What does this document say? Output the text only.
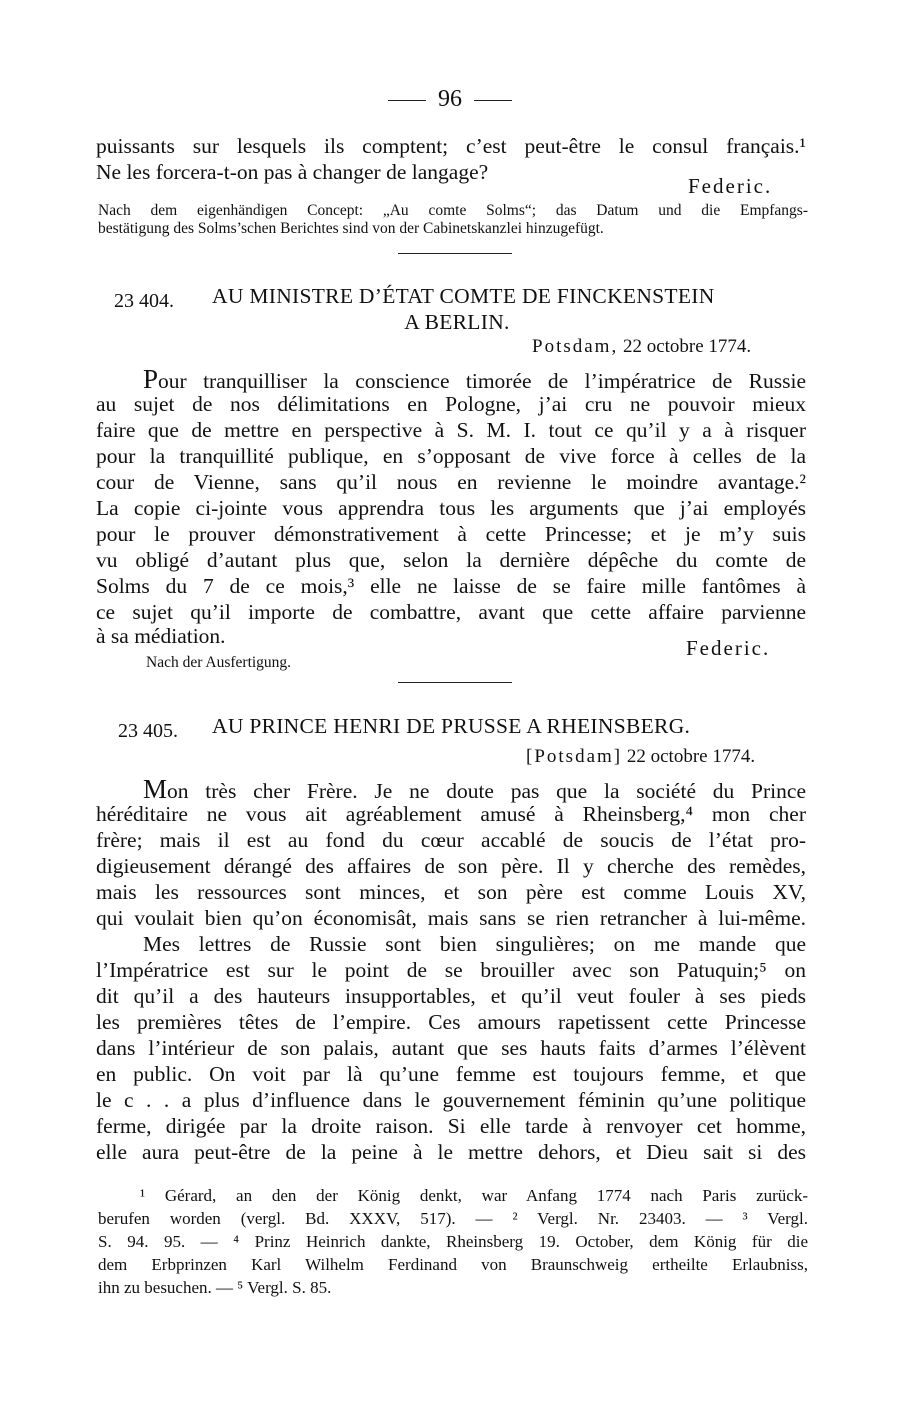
96
puissants sur lesquels ils comptent; c’est peut-être le consul français.¹
Ne les forcera-t-on pas à changer de langage?
Federic.
Nach dem eigenhändigen Concept: „Au comte Solms“; das Datum und die Empfangs-
bestätigung des Solms’schen Berichtes sind von der Cabinetskanzlei hinzugefügt.
23 404. AU MINISTRE D’ÉTAT COMTE DE FINCKENSTEIN
A BERLIN.
Potsdam, 22 octobre 1774.
Pour tranquilliser la conscience timorée de l’impératrice de Russie
au sujet de nos délimitations en Pologne, j’ai cru ne pouvoir mieux
faire que de mettre en perspective à S. M. I. tout ce qu’il y a à risquer
pour la tranquillité publique, en s’opposant de vive force à celles de la
cour de Vienne, sans qu’il nous en revienne le moindre avantage.²
La copie ci-jointe vous apprendra tous les arguments que j’ai employés
pour le prouver démonstrativement à cette Princesse; et je m’y suis
vu obligé d’autant plus que, selon la dernière dépêche du comte de
Solms du 7 de ce mois,³ elle ne laisse de se faire mille fantômes à
ce sujet qu’il importe de combattre, avant que cette affaire parvienne
à sa médiation.	Federic.
Nach der Ausfertigung.
23 405. AU PRINCE HENRI DE PRUSSE A RHEINSBERG.
[Potsdam] 22 octobre 1774.
Mon très cher Frère. Je ne doute pas que la société du Prince
héréditaire ne vous ait agréablement amusé à Rheinsberg,⁴ mon cher
frère; mais il est au fond du cœur accablé de soucis de l’état pro-
digieusement dérangé des affaires de son père. Il y cherche des remèdes,
mais les ressources sont minces, et son père est comme Louis XV,
qui voulait bien qu’on économisât, mais sans se rien retrancher à lui-même.
Mes lettres de Russie sont bien singulières; on me mande que
l’Impératrice est sur le point de se brouiller avec son Patuquin;⁵ on
dit qu’il a des hauteurs insupportables, et qu’il veut fouler à ses pieds
les premières têtes de l’empire. Ces amours rapetissent cette Princesse
dans l’intérieur de son palais, autant que ses hauts faits d’armes l’élèvent
en public. On voit par là qu’une femme est toujours femme, et que
le c . . a plus d’influence dans le gouvernement féminin qu’une politique
ferme, dirigée par la droite raison. Si elle tarde à renvoyer cet homme,
elle aura peut-être de la peine à le mettre dehors, et Dieu sait si des
¹ Gérard, an den der König denkt, war Anfang 1774 nach Paris zurück-
berufen worden (vergl. Bd. XXXV, 517). — ² Vergl. Nr. 23403. — ³ Vergl.
S. 94. 95. — ⁴ Prinz Heinrich dankte, Rheinsberg 19. October, dem König für die
dem Erbprinzen Karl Wilhelm Ferdinand von Braunschweig ertheilte Erlaubniss,
ihn zu besuchen. — ⁵ Vergl. S. 85.
